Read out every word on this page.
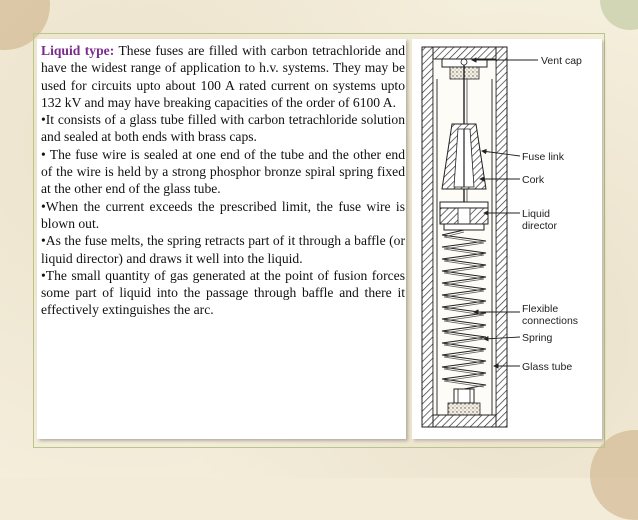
Liquid type: These fuses are filled with carbon tetrachloride and have the widest range of application to h.v. systems. They may be used for circuits upto about 100 A rated current on systems upto 132 kV and may have breaking capacities of the order of 6100 A.

•It consists of a glass tube filled with carbon tetrachloride solution and sealed at both ends with brass caps.

• The fuse wire is sealed at one end of the tube and the other end of the wire is held by a strong phosphor bronze spiral spring fixed at the other end of the glass tube.

•When the current exceeds the prescribed limit, the fuse wire is blown out.

•As the fuse melts, the spring retracts part of it through a baffle (or liquid director) and draws it well into the liquid.

•The small quantity of gas generated at the point of fusion forces some part of liquid into the passage through baffle and there it effectively extinguishes the arc.

Vent cap
Fuse link
Cork
Liquid
director
Flexible
connections
Spring
Glass tube
